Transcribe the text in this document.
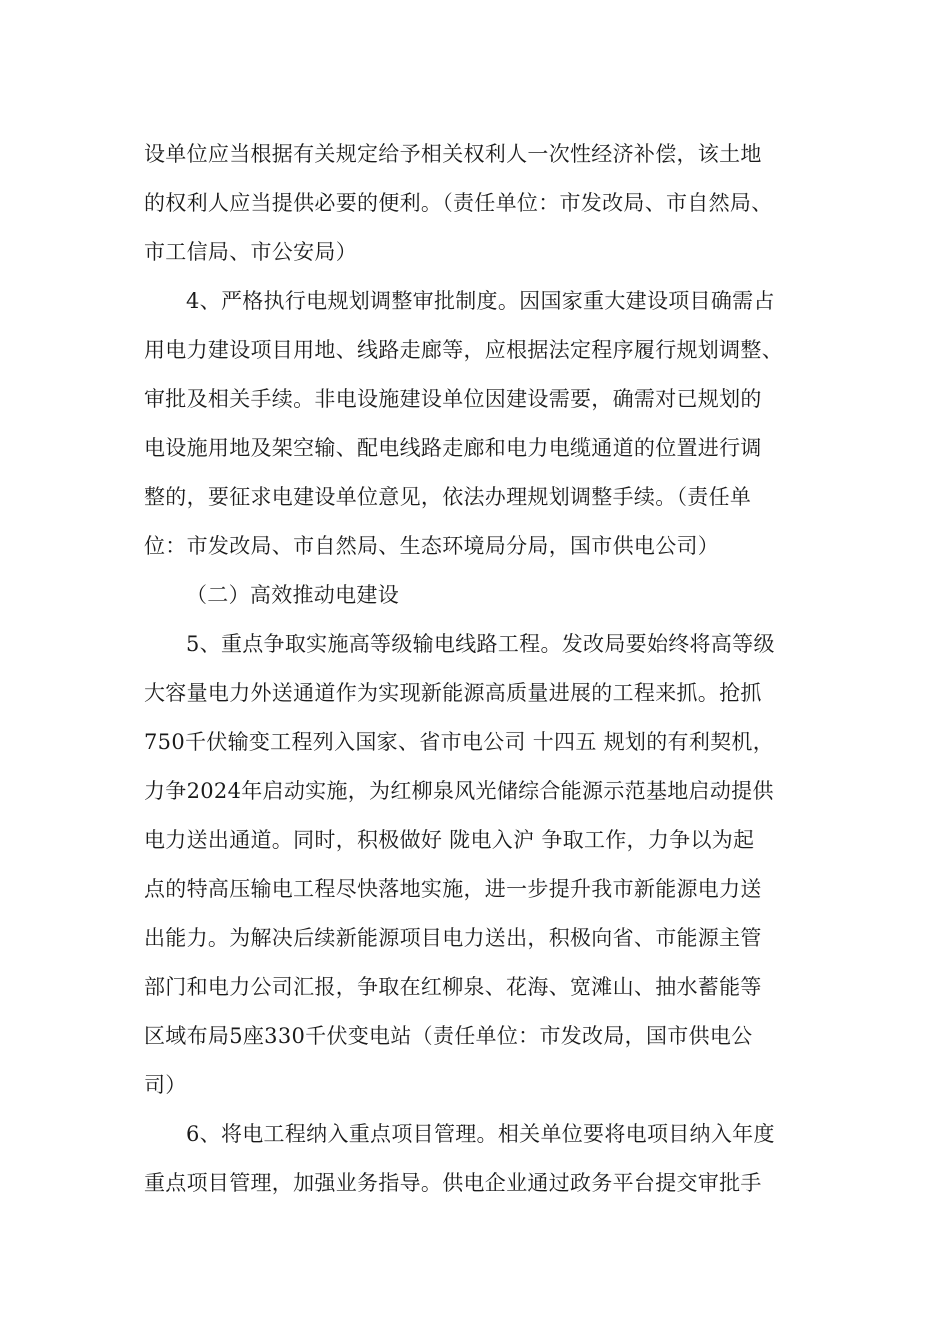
设单位应当根据有关规定给予相关权利人一次性经济补偿，该土地
的权利人应当提供必要的便利。（责任单位：市发改局、市自然局、
市工信局、市公安局）
4、严格执行电规划调整审批制度。因国家重大建设项目确需占
用电力建设项目用地、线路走廊等，应根据法定程序履行规划调整、
审批及相关手续。非电设施建设单位因建设需要，确需对已规划的
电设施用地及架空输、配电线路走廊和电力电缆通道的位置进行调
整的，要征求电建设单位意见，依法办理规划调整手续。（责任单
位：市发改局、市自然局、生态环境局分局，国市供电公司）
（二）高效推动电建设
5、重点争取实施高等级输电线路工程。发改局要始终将高等级
大容量电力外送通道作为实现新能源高质量进展的工程来抓。抢抓
750千伏输变工程列入国家、省市电公司 十四五 规划的有利契机，
力争2024年启动实施，为红柳泉风光储综合能源示范基地启动提供
电力送出通道。同时，积极做好 陇电入沪 争取工作，力争以为起
点的特高压输电工程尽快落地实施，进一步提升我市新能源电力送
出能力。为解决后续新能源项目电力送出，积极向省、市能源主管
部门和电力公司汇报，争取在红柳泉、花海、宽滩山、抽水蓄能等
区域布局5座330千伏变电站（责任单位：市发改局，国市供电公
司）
6、将电工程纳入重点项目管理。相关单位要将电项目纳入年度
重点项目管理，加强业务指导。供电企业通过政务平台提交审批手
